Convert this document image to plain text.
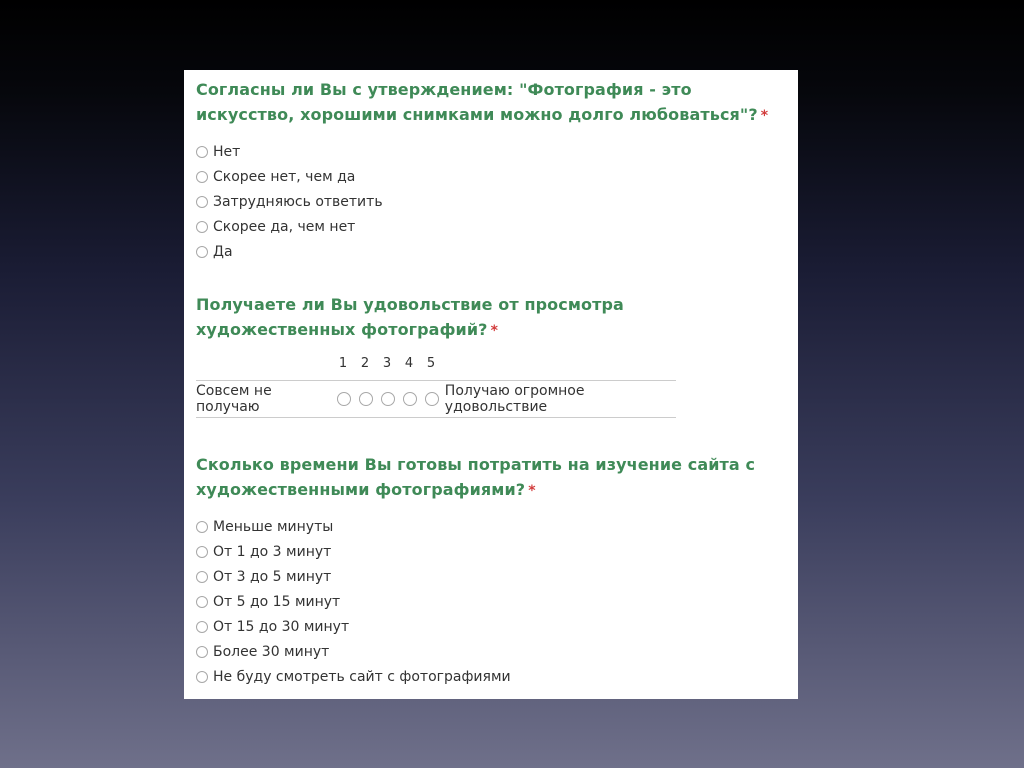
Согласны ли Вы с утверждением: "Фотография - это искусство, хорошими снимками можно долго любоваться"? *

Нет
Скорее нет, чем да
Затрудняюсь ответить
Скорее да, чем нет
Да

Получаете ли Вы удовольствие от просмотра художественных фотографий? *

1 2 3 4 5
Совсем не получаю
Получаю огромное удовольствие

Сколько времени Вы готовы потратить на изучение сайта с художественными фотографиями? *

Меньше минуты
От 1 до 3 минут
От 3 до 5 минут
От 5 до 15 минут
От 15 до 30 минут
Более 30 минут
Не буду смотреть сайт с фотографиями
